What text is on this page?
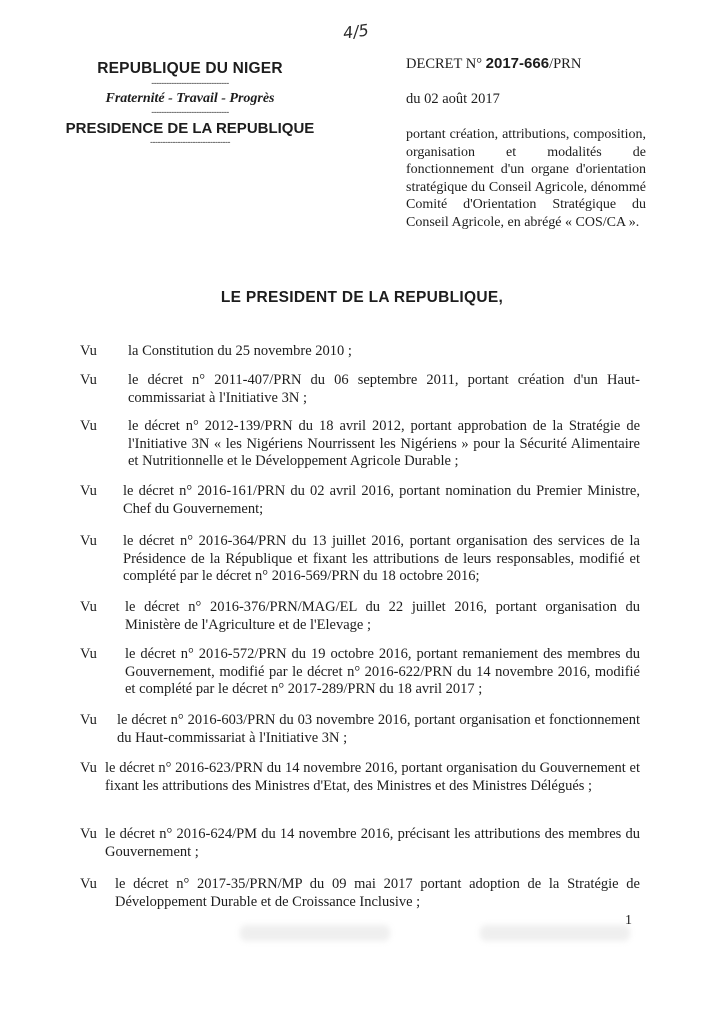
4/5
REPUBLIQUE DU NIGER
-------------------------------
Fraternité - Travail - Progrès
-------------------------------
PRESIDENCE DE LA REPUBLIQUE
--------------------------------
DECRET N° 2017-666/PRN
du 02 août 2017
portant création, attributions, composition, organisation et modalités de fonctionnement d'un organe d'orientation stratégique du Conseil Agricole, dénommé Comité d'Orientation Stratégique du Conseil Agricole, en abrégé « COS/CA ».
LE PRESIDENT DE LA REPUBLIQUE,
Vu la Constitution du 25 novembre 2010 ;
Vu le décret n° 2011-407/PRN du 06 septembre 2011, portant création d'un Haut-commissariat à l'Initiative 3N ;
Vu le décret n° 2012-139/PRN du 18 avril 2012, portant approbation de la Stratégie de l'Initiative 3N « les Nigériens Nourrissent les Nigériens » pour la Sécurité Alimentaire et Nutritionnelle et le Développement Agricole Durable ;
Vu le décret n° 2016-161/PRN du 02 avril 2016, portant nomination du Premier Ministre, Chef du Gouvernement;
Vu le décret n° 2016-364/PRN du 13 juillet 2016, portant organisation des services de la Présidence de la République et fixant les attributions de leurs responsables, modifié et complété par le décret n° 2016-569/PRN du 18 octobre 2016;
Vu le décret n° 2016-376/PRN/MAG/EL du 22 juillet 2016, portant organisation du Ministère de l'Agriculture et de l'Elevage ;
Vu le décret n° 2016-572/PRN du 19 octobre 2016, portant remaniement des membres du Gouvernement, modifié par le décret n° 2016-622/PRN du 14 novembre 2016, modifié et complété par le décret n° 2017-289/PRN du 18 avril 2017 ;
Vu le décret n° 2016-603/PRN du 03 novembre 2016, portant organisation et fonctionnement du Haut-commissariat à l'Initiative 3N ;
Vu le décret n° 2016-623/PRN du 14 novembre 2016, portant organisation du Gouvernement et fixant les attributions des Ministres d'Etat, des Ministres et des Ministres Délégués ;
Vu le décret n° 2016-624/PM du 14 novembre 2016, précisant les attributions des membres du Gouvernement ;
Vu le décret n° 2017-35/PRN/MP du 09 mai 2017 portant adoption de la Stratégie de Développement Durable et de Croissance Inclusive ;
1
